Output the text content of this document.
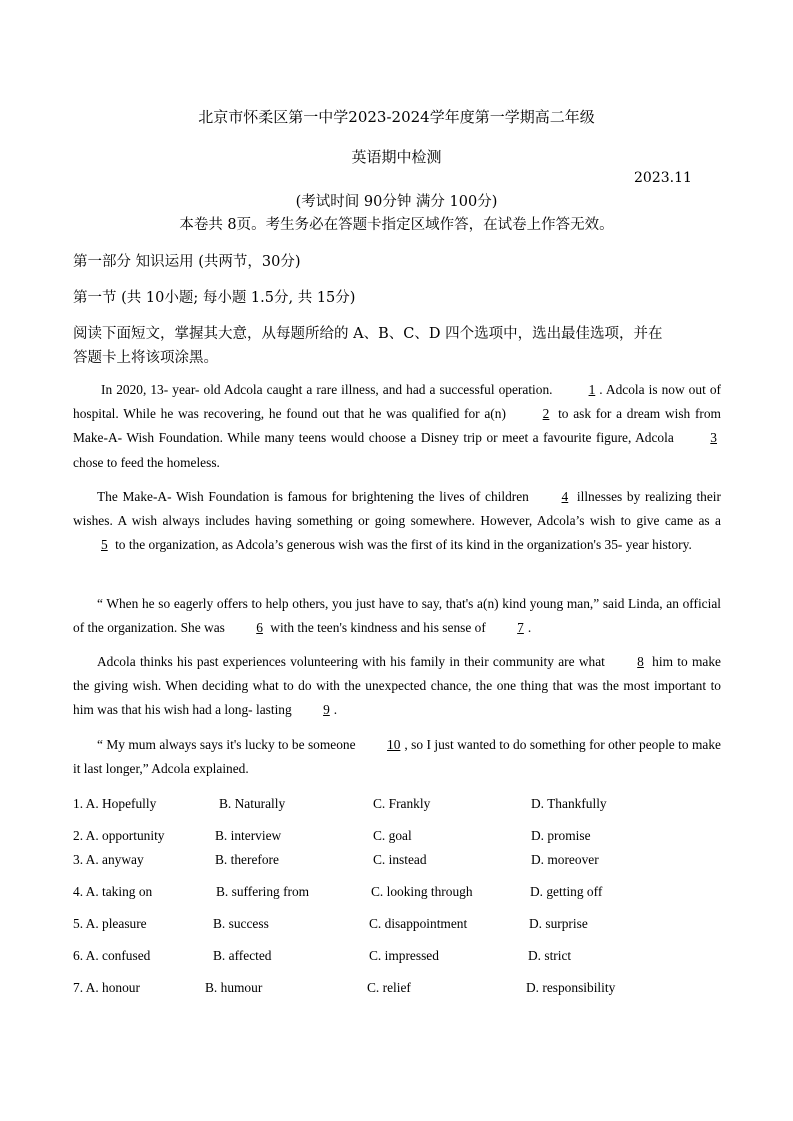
北京市怀柔区第一中学2023-2024学年度第一学期高二年级
英语期中检测
2023.11
(考试时间 90分钟 满分 100分)
本卷共 8页。考生务必在答题卡指定区域作答，在试卷上作答无效。
第一部分 知识运用 (共两节，30分)
第一节 (共 10小题; 每小题 1.5分, 共 15分)
阅读下面短文，掌握其大意，从每题所给的 A、B、C、D 四个选项中，选出最佳选项，并在
答题卡上将该项涂黑。
In 2020, 13- year- old Adcola caught a rare illness, and had a successful operation.	1 . Adcola is now out of hospital. While he was recovering, he found out that he was qualified for a(n)	2 to ask for a dream wish from Make-A- Wish Foundation. While many teens would choose a Disney trip or meet a favourite figure, Adcola	3 chose to feed the homeless.
The Make-A- Wish Foundation is famous for brightening the lives of children 4 illnesses by realizing their wishes. A wish always includes having something or going somewhere. However, Adcola’s wish to give came as a 5 to the organization, as Adcola’s generous wish was the first of its kind in the organization's 35- year history.
“ When he so eagerly offers to help others, you just have to say, that's a(n) kind young man,” said Linda, an official of the organization. She was 6 with the teen's kindness and his sense of 7 .
Adcola thinks his past experiences volunteering with his family in their community are what 8 him to make the giving wish. When deciding what to do with the unexpected chance, the one thing that was the most important to him was that his wish had a long- lasting 9 .
“ My mum always says it's lucky to be someone 10 , so I just wanted to do something for other people to make it last longer,” Adcola explained.
1. A. Hopefully	B. Naturally	C. Frankly	D. Thankfully
2. A. opportunity	B. interview	C. goal	D. promise
3. A. anyway	B. therefore	C. instead	D. moreover
4. A. taking on	B. suffering from	C. looking through	D. getting off
5. A. pleasure	B. success	C. disappointment	D. surprise
6. A. confused	B. affected	C. impressed	D. strict
7. A. honour	B. humour	C. relief	D. responsibility
